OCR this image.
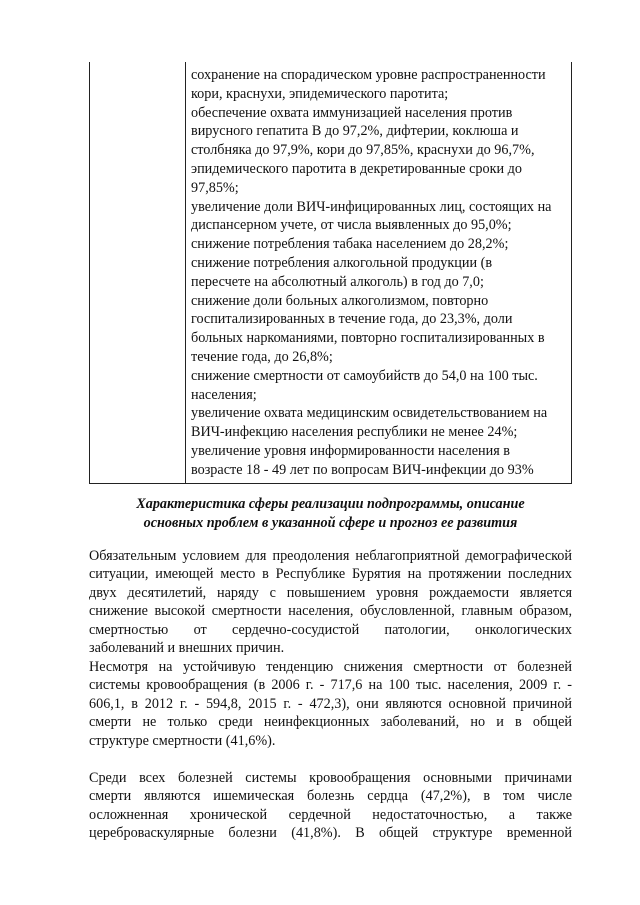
сохранение на спорадическом уровне распространенности
кори, краснухи, эпидемического паротита;
обеспечение охвата иммунизацией населения против
вирусного гепатита В до 97,2%, дифтерии, коклюша и
столбняка до 97,9%, кори до 97,85%, краснухи до 96,7%,
эпидемического паротита в декретированные сроки до
97,85%;
увеличение доли ВИЧ-инфицированных лиц, состоящих на
диспансерном учете, от числа выявленных до 95,0%;
снижение потребления табака населением до 28,2%;
снижение потребления алкогольной продукции (в
пересчете на абсолютный алкоголь) в год до 7,0;
снижение доли больных алкоголизмом, повторно
госпитализированных в течение года, до 23,3%, доли
больных наркоманиями, повторно госпитализированных в
течение года, до 26,8%;
снижение смертности от самоубийств до 54,0 на 100 тыс.
населения;
увеличение охвата медицинским освидетельствованием на
ВИЧ-инфекцию населения республики не менее 24%;
увеличение уровня информированности населения в
возрасте 18 - 49 лет по вопросам ВИЧ-инфекции до 93%
Характеристика сферы реализации подпрограммы, описание
основных проблем в указанной сфере и прогноз ее развития
Обязательным условием для преодоления неблагоприятной демографической
ситуации, имеющей место в Республике Бурятия на протяжении последних
двух десятилетий, наряду с повышением уровня рождаемости является
снижение высокой смертности населения, обусловленной, главным образом,
смертностью от сердечно-сосудистой патологии, онкологических
заболеваний и внешних причин.
Несмотря на устойчивую тенденцию снижения смертности от болезней
системы кровообращения (в 2006 г. - 717,6 на 100 тыс. населения, 2009 г. -
606,1, в 2012 г. - 594,8, 2015 г. - 472,3), они являются основной причиной
смерти не только среди неинфекционных заболеваний, но и в общей
структуре смертности (41,6%).
Среди всех болезней системы кровообращения основными причинами
смерти являются ишемическая болезнь сердца (47,2%), в том числе
осложненная хронической сердечной недостаточностью, а также
цереброваскулярные болезни (41,8%). В общей структуре временной
